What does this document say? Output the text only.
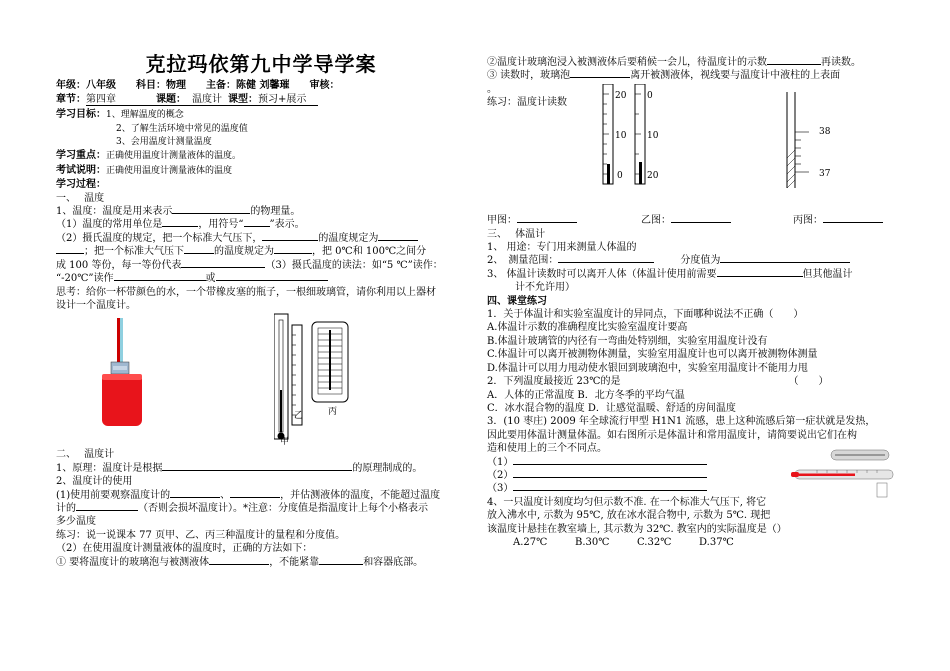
克拉玛依第九中学导学案
年级：八年级　　科目：物理　　主备：陈健 刘馨璀　　审核：
章节：第四章	课题： 温度计 课型：预习+展示
学习目标：1、理解温度的概念
2、了解生活环境中常见的温度值
3、会用温度计测量温度
学习重点：正确使用温度计测量液体的温度。
考试说明：正确使用温度计测量液体的温度
学习过程：
一、　 温度
1、温度：温度是用来表示	的物理量。
（1）温度的常用单位是	，用符号“	”表示。
（2）摄氏温度的规定，把一个标准大气压下，	的温度规定为
；把一个标准大气压下	的温度规定为	，把 0℃和 100℃之间分
成 100 等份，每一等份代表	（3）摄氏温度的读法：如“5 ℃”读作：
“-20℃”读作	或
思考：给你一杯带颜色的水，一个带橡皮塞的瓶子，一根细玻璃管，请你利用以上器材
设计一个温度计。
乙	丙
甲
二、　 温度计
1、原理：温度计是根据	的原理制成的。
2、温度计的使用
(1)使用前要观察温度计的	、	，并估测液体的温度，不能超过温度
计的	（否则会损坏温度计）。*注意：分度值是指温度计上每个小格表示
多少温度
练习：说一说课本 77 页甲、乙、丙三种温度计的量程和分度值。
（2）在使用温度计测量液体的温度时，正确的方法如下：
① 要将温度计的玻璃泡与被测液体	，不能紧靠	和容器底部。
②温度计玻璃泡浸入被测液体后要稍候一会儿，待温度计的示数	再读数。
③ 读数时，玻璃泡	离开被测液体，视线要与温度计中液柱的上表面
。
练习：温度计读数
20
10
0
0
10
20
38
37
甲图：	乙图：	丙图：
三、　 体温计
1、 用途：专门用来测量人体温的
2、　测量范围：	分度值为
3、 体温计读数时可以离开人体（体温计使用前需要	但其他温计
计不允许用）
四、课堂练习
1．关于体温计和实验室温度计的异同点，下面哪种说法不正确（　　）
A.体温计示数的准确程度比实验室温度计要高
B.体温计玻璃管的内径有一弯曲处特别细，实验室用温度计没有
C.体温计可以离开被测物体测量，实验室用温度计也可以离开被测物体测量
D.体温计可以用力甩动使水银回到玻璃泡中，实验室用温度计不能用力甩
2．下列温度最接近 23℃的是	（　　）
A．人体的正常温度 B．北方冬季的平均气温
C．冰水混合物的温度 D．让感觉温暖、舒适的房间温度
3．(10 枣庄) 2009 年全球流行甲型 H1N1 流感，患上这种流感后第一症状就是发热，
因此要用体温计测量体温。如右图所示是体温计和常用温度计，请简要说出它们在构
造和使用上的三个不同点。
（1）
（2）
（3）
4、一只温度计刻度均匀但示数不准. 在一个标准大气压下, 将它
放入沸水中, 示数为 95℃, 放在冰水混合物中, 示数为 5℃. 现把
该温度计悬挂在教室墙上, 其示数为 32℃. 教室内的实际温度是（）
A.27℃	B.30℃	C.32℃	D.37℃
